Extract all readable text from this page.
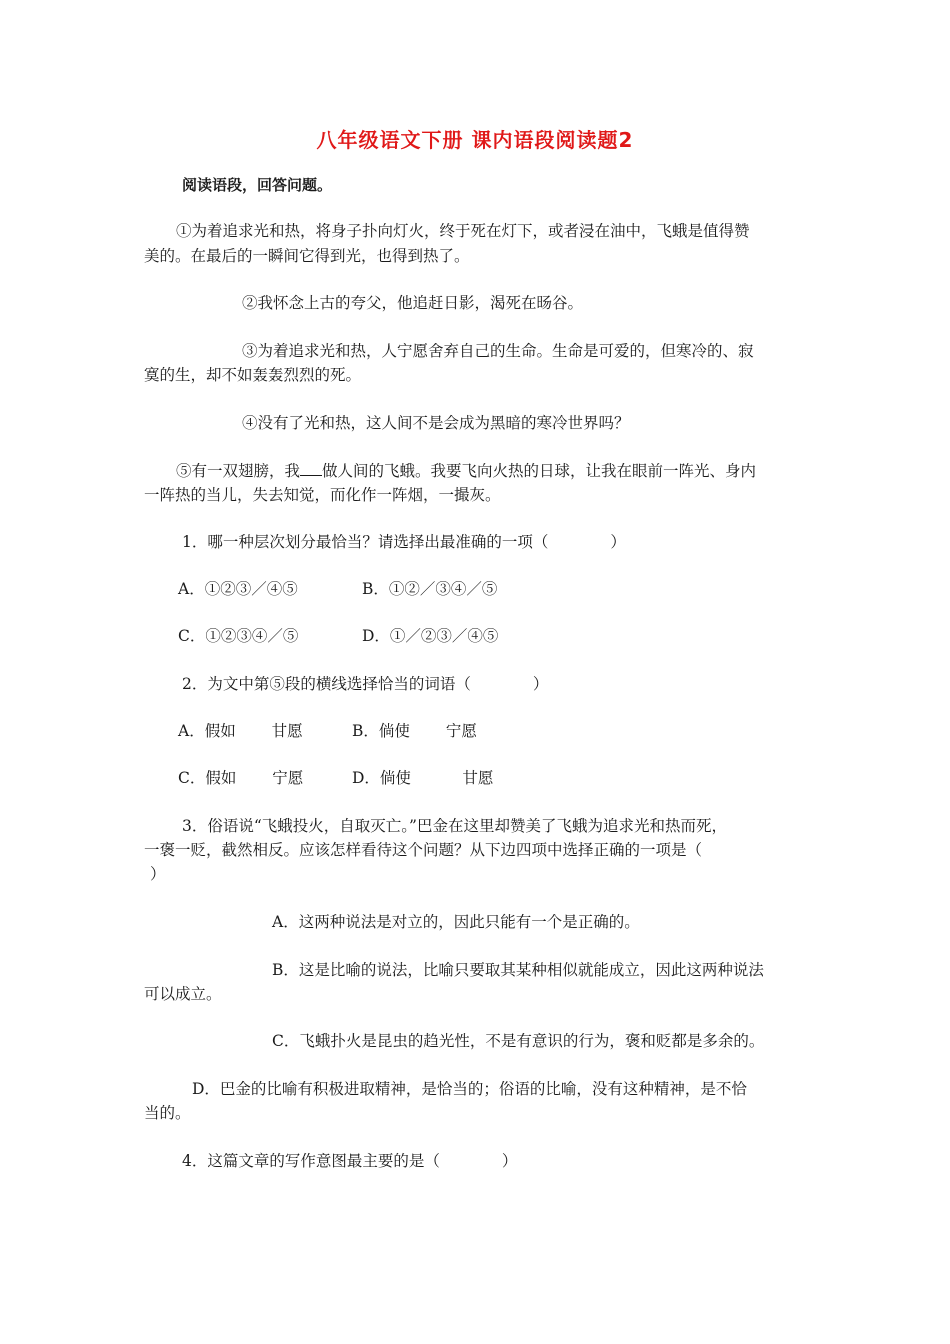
八年级语文下册 课内语段阅读题2
阅读语段，回答问题。
①为着追求光和热，将身子扑向灯火，终于死在灯下，或者浸在油中，飞蛾是值得赞
美的。在最后的一瞬间它得到光，也得到热了。
②我怀念上古的夸父，他追赶日影，渴死在旸谷。
③为着追求光和热，人宁愿舍弃自己的生命。生命是可爱的，但寒冷的、寂
寞的生，却不如轰轰烈烈的死。
④没有了光和热，这人间不是会成为黑暗的寒冷世界吗？
⑤有一双翅膀，我 做人间的飞蛾。我要飞向火热的日球，让我在眼前一阵光、身内
一阵热的当儿，失去知觉，而化作一阵烟，一撮灰。
1．哪一种层次划分最恰当？请选择出最准确的一项（　　　　）
A．①②③／④⑤	B．①②／③④／⑤
C．①②③④／⑤	D．①／②③／④⑤
2．为文中第⑤段的横线选择恰当的词语（　　　　）
A．假如　　 甘愿	B．倘使　　 宁愿
C．假如　　 宁愿	D．倘使　　　 甘愿
3．俗语说“飞蛾投火，自取灭亡。”巴金在这里却赞美了飞蛾为追求光和热而死，
一褒一贬，截然相反。应该怎样看待这个问题？从下边四项中选择正确的一项是（
）
A．这两种说法是对立的，因此只能有一个是正确的。
B．这是比喻的说法，比喻只要取其某种相似就能成立，因此这两种说法
可以成立。
C．飞蛾扑火是昆虫的趋光性，不是有意识的行为，褒和贬都是多余的。
D．巴金的比喻有积极进取精神，是恰当的；俗语的比喻，没有这种精神，是不恰
当的。
4．这篇文章的写作意图最主要的是（　　　　）
